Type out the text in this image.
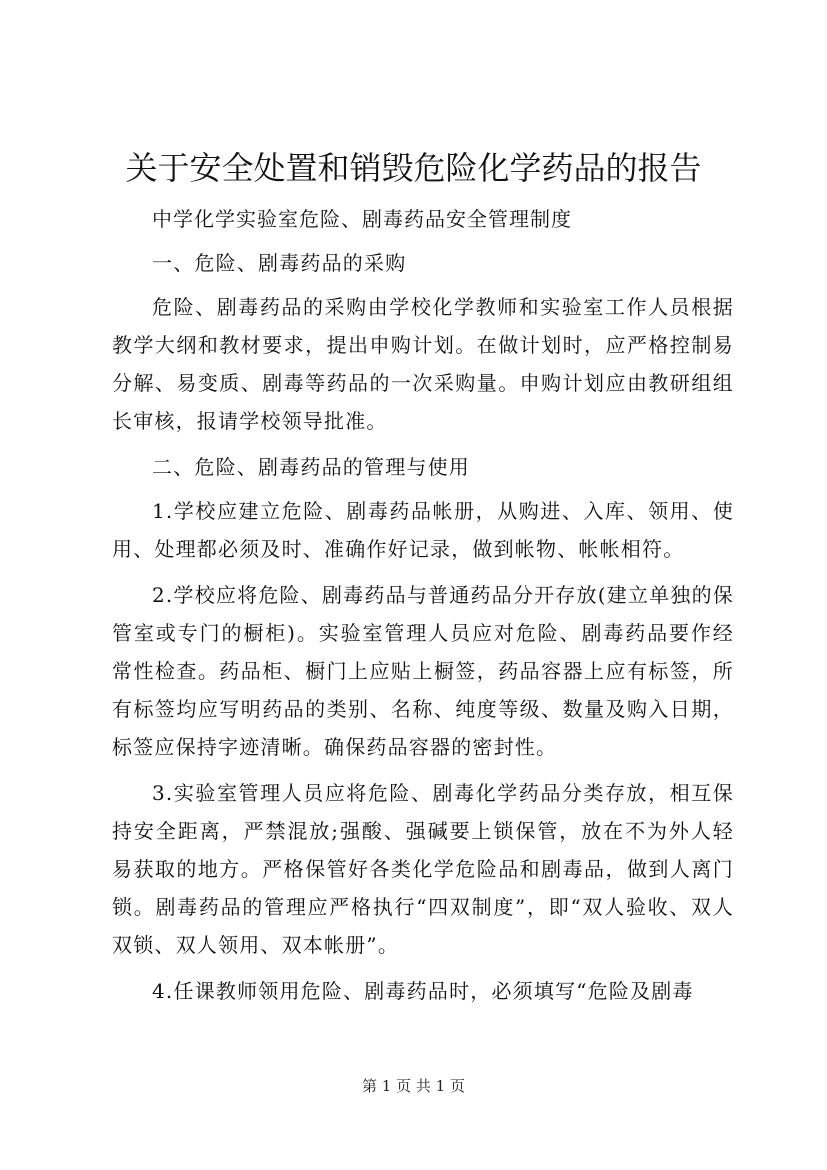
关于安全处置和销毁危险化学药品的报告

中学化学实验室危险、剧毒药品安全管理制度

一、危险、剧毒药品的采购

危险、剧毒药品的采购由学校化学教师和实验室工作人员根据教学大纲和教材要求，提出申购计划。在做计划时，应严格控制易分解、易变质、剧毒等药品的一次采购量。申购计划应由教研组组长审核，报请学校领导批准。

二、危险、剧毒药品的管理与使用

1.学校应建立危险、剧毒药品帐册，从购进、入库、领用、使用、处理都必须及时、准确作好记录，做到帐物、帐帐相符。

2.学校应将危险、剧毒药品与普通药品分开存放(建立单独的保管室或专门的橱柜)。实验室管理人员应对危险、剧毒药品要作经常性检查。药品柜、橱门上应贴上橱签，药品容器上应有标签，所有标签均应写明药品的类别、名称、纯度等级、数量及购入日期，标签应保持字迹清晰。确保药品容器的密封性。

3.实验室管理人员应将危险、剧毒化学药品分类存放，相互保持安全距离，严禁混放;强酸、强碱要上锁保管，放在不为外人轻易获取的地方。严格保管好各类化学危险品和剧毒品，做到人离门锁。剧毒药品的管理应严格执行“四双制度”，即“双人验收、双人双锁、双人领用、双本帐册”。

4.任课教师领用危险、剧毒药品时，必须填写“危险及剧毒

第 1 页 共 1 页
